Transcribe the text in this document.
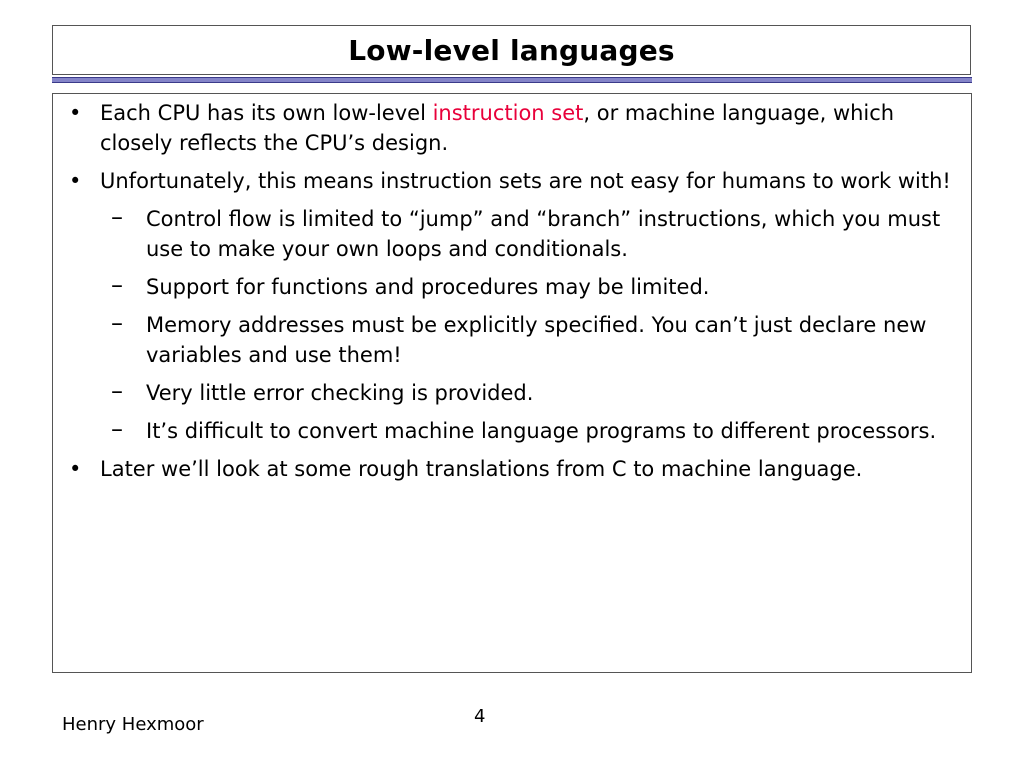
Low-level languages
• Each CPU has its own low-level instruction set, or machine language, which closely reflects the CPU’s design.
• Unfortunately, this means instruction sets are not easy for humans to work with!
– Control flow is limited to “jump” and “branch” instructions, which you must use to make your own loops and conditionals.
– Support for functions and procedures may be limited.
– Memory addresses must be explicitly specified. You can’t just declare new variables and use them!
– Very little error checking is provided.
– It’s difficult to convert machine language programs to different processors.
• Later we’ll look at some rough translations from C to machine language.
Henry Hexmoor	4
